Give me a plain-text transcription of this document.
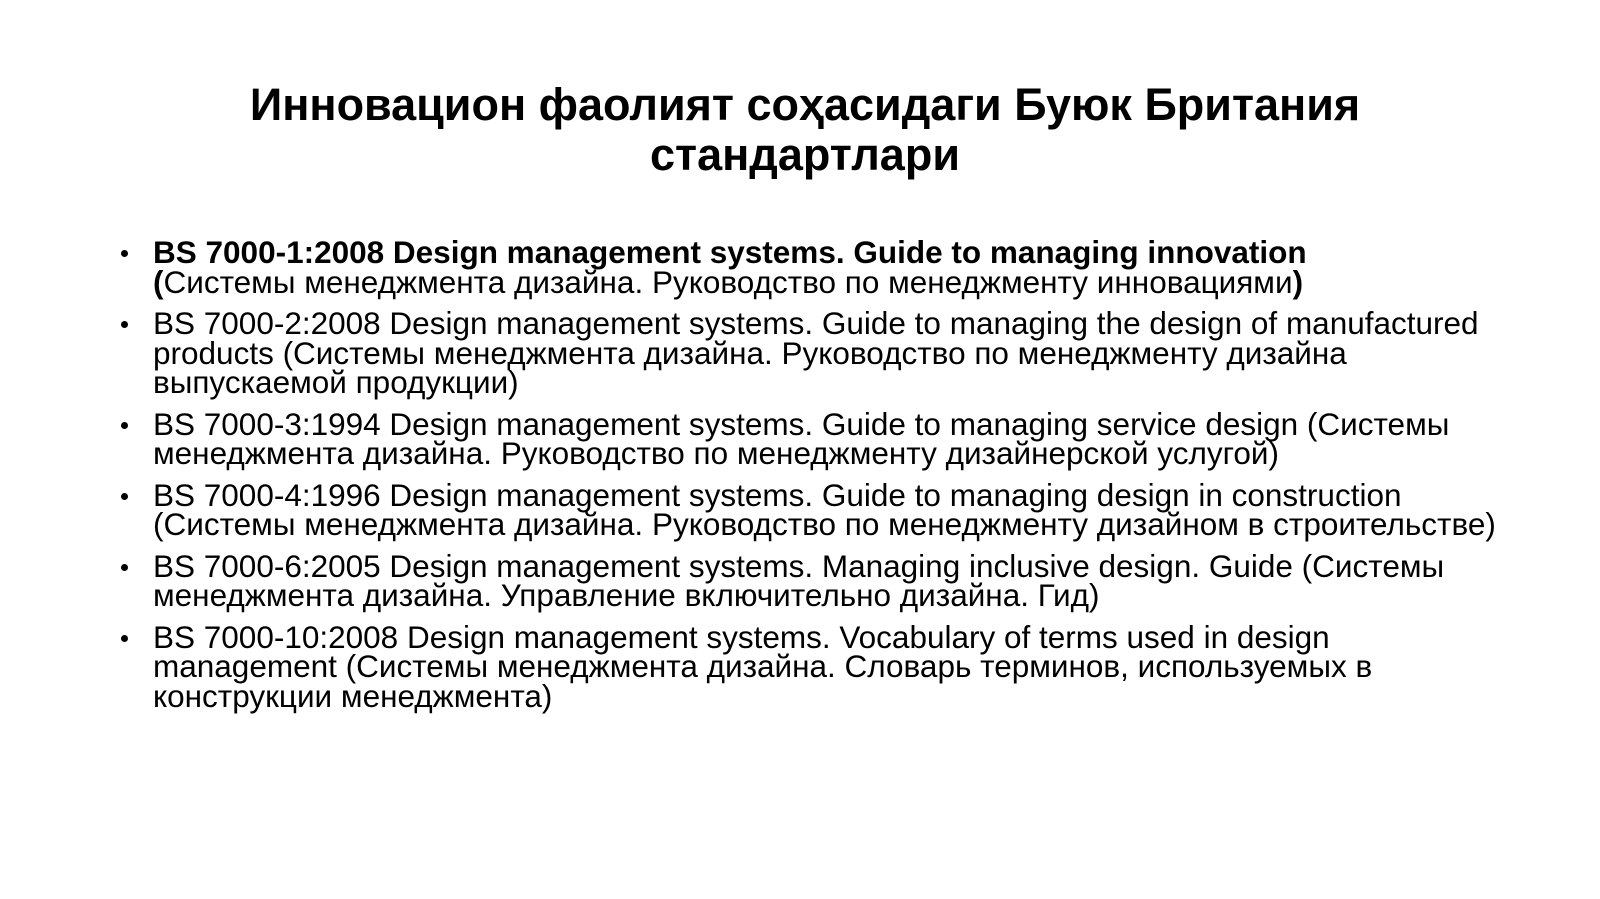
Инновацион фаолият соҳасидаги Буюк Британия
стандартлари
BS 7000-1:2008 Design management systems. Guide to managing innovation
(Системы менеджмента дизайна. Руководство по менеджменту инновациями)
BS 7000-2:2008 Design management systems. Guide to managing the design of manufactured products (Системы менеджмента дизайна. Руководство по менеджменту дизайна выпускаемой продукции)
BS 7000-3:1994 Design management systems. Guide to managing service design (Системы менеджмента дизайна. Руководство по менеджменту дизайнерской услугой)
BS 7000-4:1996 Design management systems. Guide to managing design in construction (Системы менеджмента дизайна. Руководство по менеджменту дизайном в строительстве)
BS 7000-6:2005 Design management systems. Managing inclusive design. Guide (Системы менеджмента дизайна. Управление включительно дизайна. Гид)
BS 7000-10:2008 Design management systems. Vocabulary of terms used in design management (Системы менеджмента дизайна. Словарь терминов, используемых в конструкции менеджмента)
